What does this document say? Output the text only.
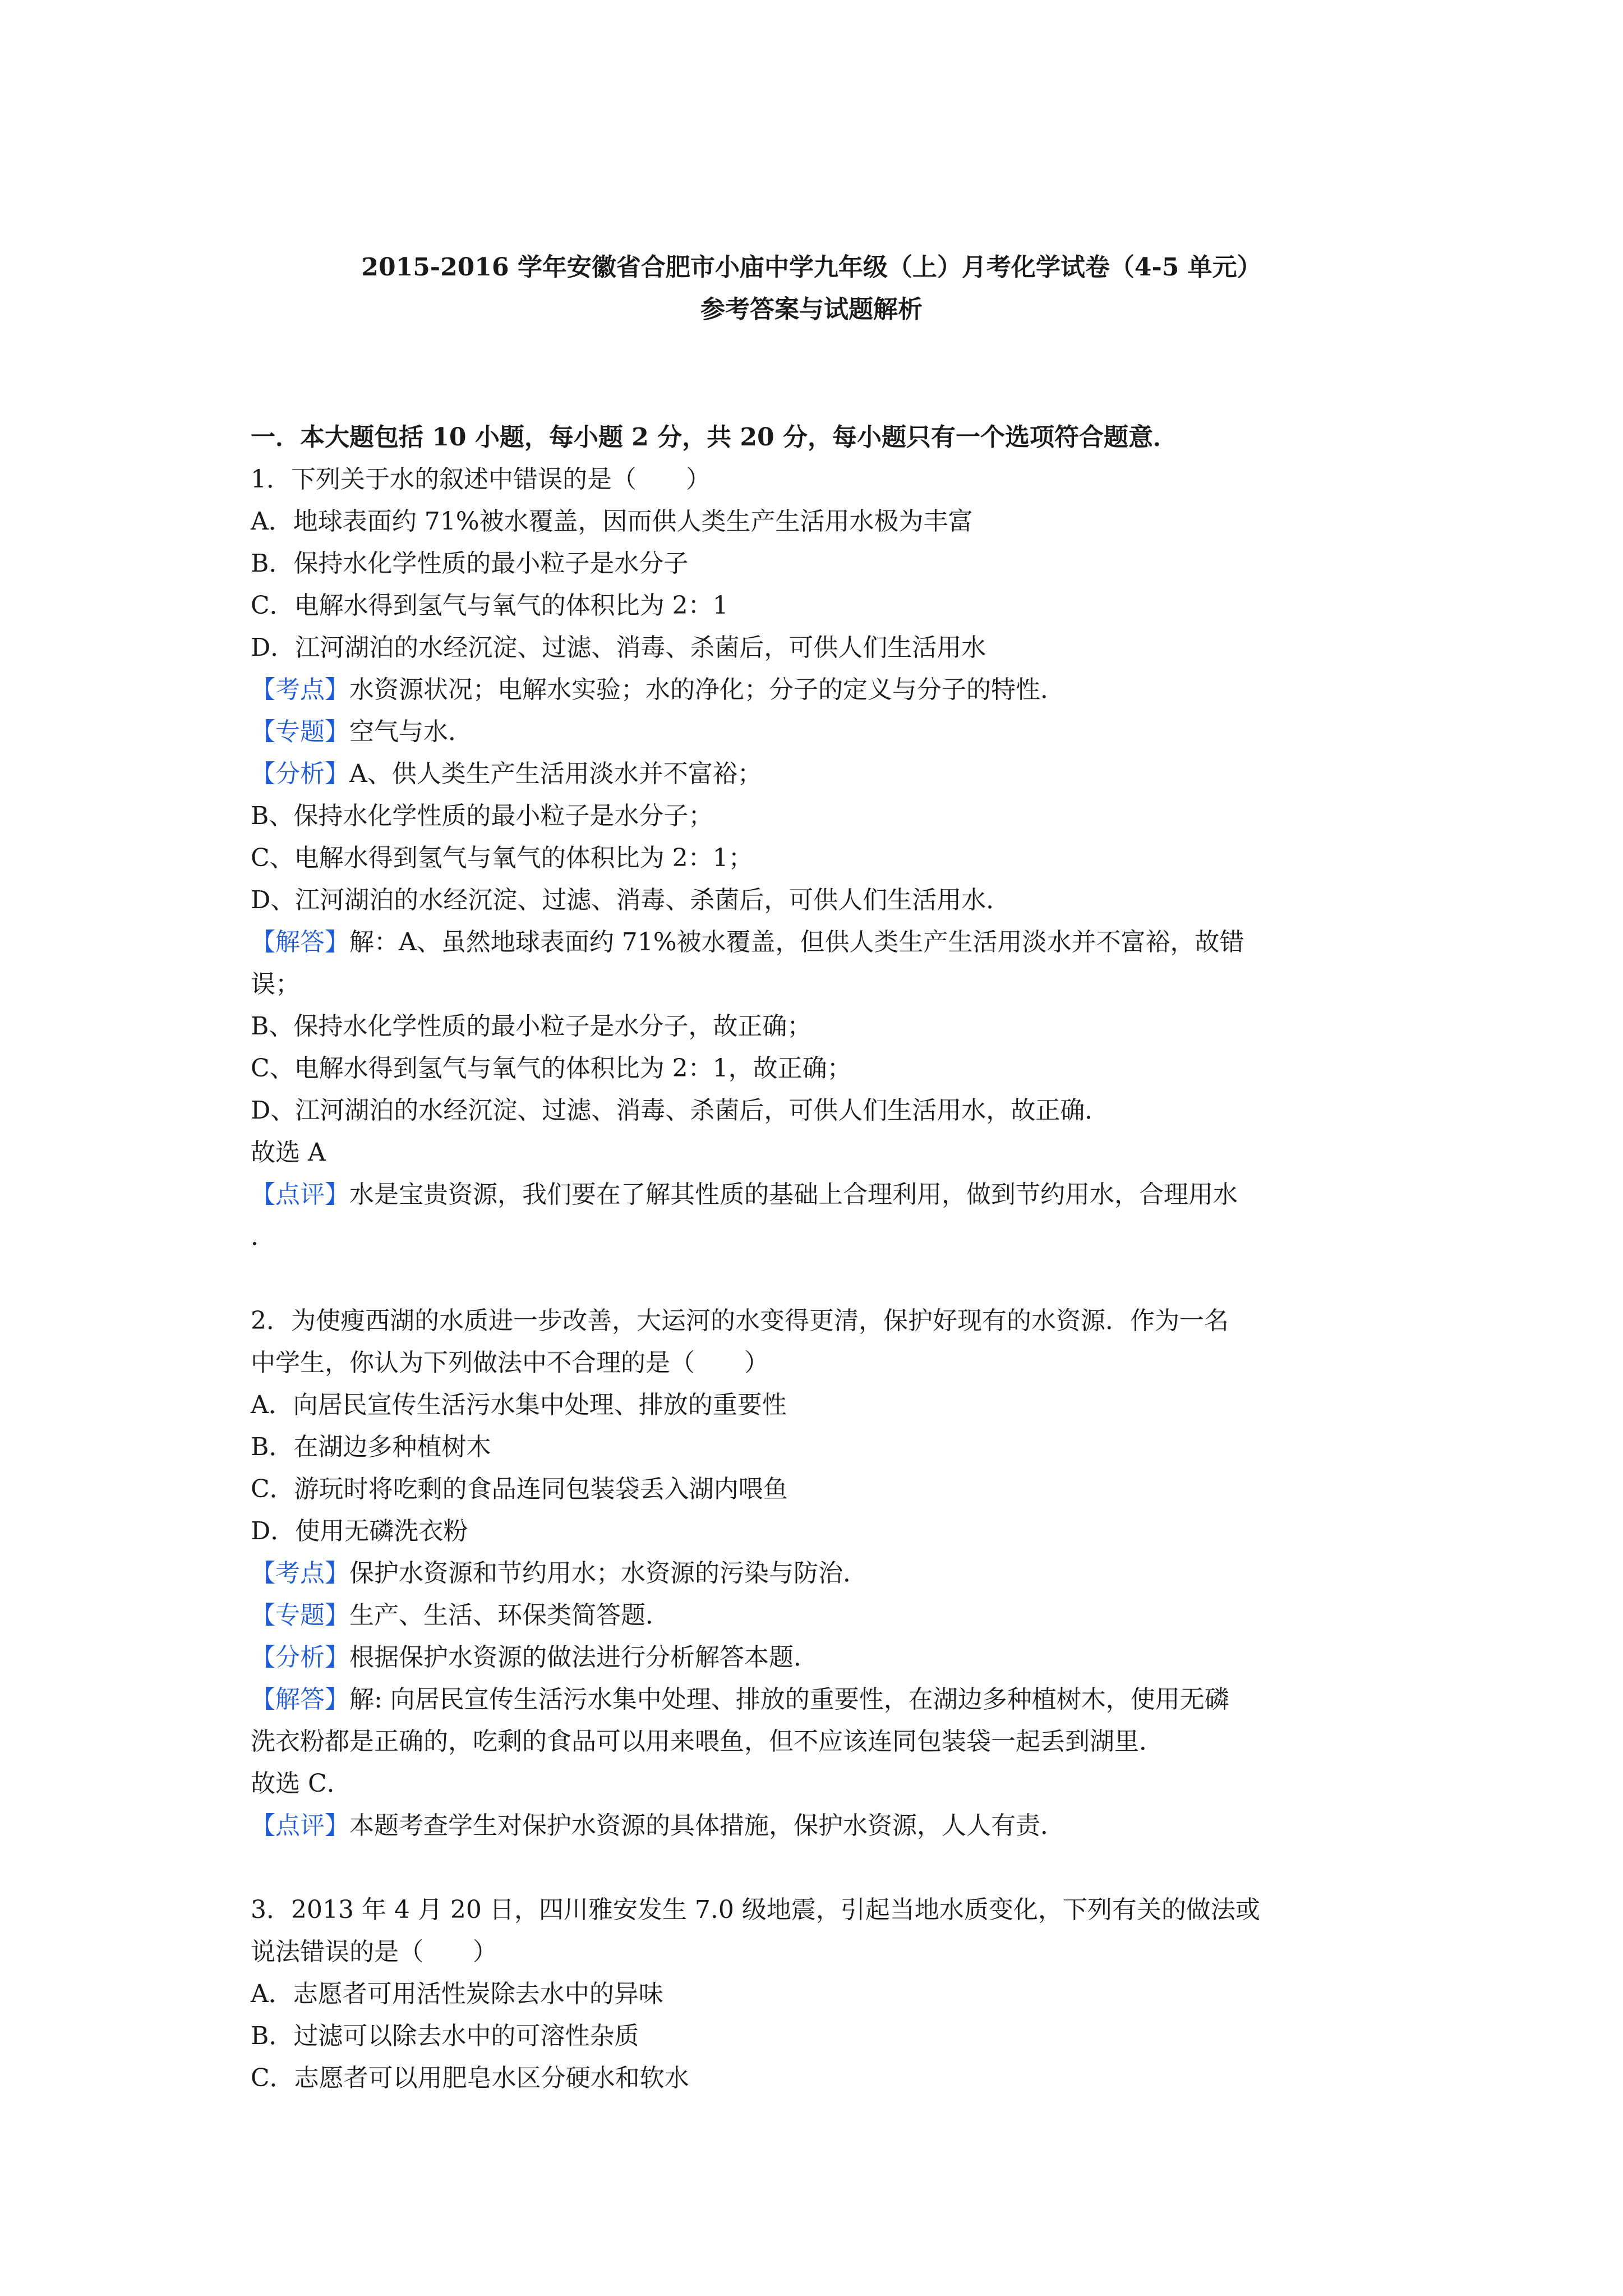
2015-2016 学年安徽省合肥市小庙中学九年级（上）月考化学试卷（4-5 单元）
参考答案与试题解析
一．本大题包括 10 小题，每小题 2 分，共 20 分，每小题只有一个选项符合题意．
1．下列关于水的叙述中错误的是（　　）
A．地球表面约 71%被水覆盖，因而供人类生产生活用水极为丰富
B．保持水化学性质的最小粒子是水分子
C．电解水得到氢气与氧气的体积比为 2：1
D．江河湖泊的水经沉淀、过滤、消毒、杀菌后，可供人们生活用水
【考点】水资源状况；电解水实验；水的净化；分子的定义与分子的特性．
【专题】空气与水．
【分析】A、供人类生产生活用淡水并不富裕；
B、保持水化学性质的最小粒子是水分子；
C、电解水得到氢气与氧气的体积比为 2：1；
D、江河湖泊的水经沉淀、过滤、消毒、杀菌后，可供人们生活用水．
【解答】解：A、虽然地球表面约 71%被水覆盖，但供人类生产生活用淡水并不富裕，故错
误；
B、保持水化学性质的最小粒子是水分子，故正确；
C、电解水得到氢气与氧气的体积比为 2：1，故正确；
D、江河湖泊的水经沉淀、过滤、消毒、杀菌后，可供人们生活用水，故正确．
故选 A
【点评】水是宝贵资源，我们要在了解其性质的基础上合理利用，做到节约用水，合理用水
．
2．为使瘦西湖的水质进一步改善，大运河的水变得更清，保护好现有的水资源．作为一名
中学生，你认为下列做法中不合理的是（　　）
A．向居民宣传生活污水集中处理、排放的重要性
B．在湖边多种植树木
C．游玩时将吃剩的食品连同包装袋丢入湖内喂鱼
D．使用无磷洗衣粉
【考点】保护水资源和节约用水；水资源的污染与防治．
【专题】生产、生活、环保类简答题．
【分析】根据保护水资源的做法进行分析解答本题．
【解答】解: 向居民宣传生活污水集中处理、排放的重要性，在湖边多种植树木，使用无磷
洗衣粉都是正确的，吃剩的食品可以用来喂鱼，但不应该连同包装袋一起丢到湖里．
故选 C．
【点评】本题考查学生对保护水资源的具体措施，保护水资源，人人有责．
3．2013 年 4 月 20 日，四川雅安发生 7.0 级地震，引起当地水质变化，下列有关的做法或
说法错误的是（　　）
A．志愿者可用活性炭除去水中的异味
B．过滤可以除去水中的可溶性杂质
C．志愿者可以用肥皂水区分硬水和软水
